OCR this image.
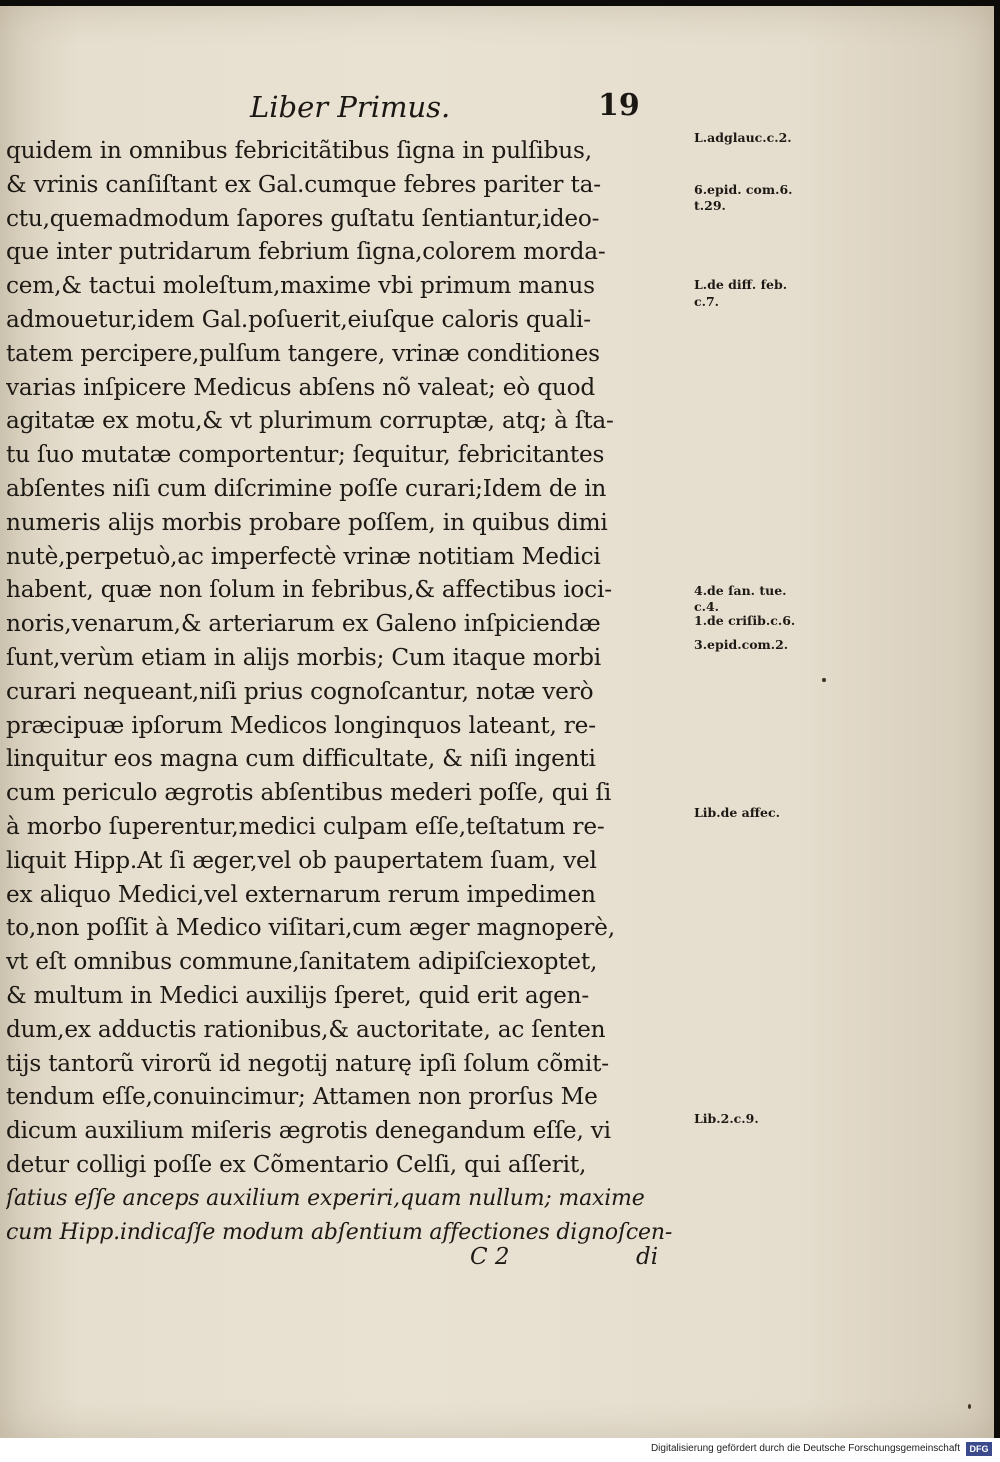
Liber Primus.	19
quidem in omnibus febricitãtibus ſigna in pulſibus,
& vrinis canſiſtant ex Gal.cumque febres pariter ta-
ctu,quemadmodum ſapores guſtatu ſentiantur,ideo-
que inter putridarum febrium ſigna,colorem morda-
cem,& tactui moleſtum,maxime vbi primum manus
admouetur,idem Gal.poſuerit,eiuſque caloris quali-
tatem percipere,pulſum tangere, vrinæ conditiones
varias inſpicere Medicus abſens nõ valeat; eò quod
agitatæ ex motu,& vt plurimum corruptæ, atq; à ſta-
tu ſuo mutatæ comportentur; ſequitur, febricitantes
abſentes niſi cum diſcrimine poſſe curari;Idem de in
numeris alijs morbis probare poſſem, in quibus dimi
nutè,perpetuò,ac imperfectè vrinæ notitiam Medici
habent, quæ non ſolum in febribus,& affectibus ioci-
noris,venarum,& arteriarum ex Galeno inſpiciendæ
ſunt,verùm etiam in alijs morbis; Cum itaque morbi
curari nequeant,niſi prius cognoſcantur, notæ verò
præcipuæ ipſorum Medicos longinquos lateant, re-
linquitur eos magna cum difficultate, & niſi ingenti
cum periculo ægrotis abſentibus mederi poſſe, qui ſi
à morbo ſuperentur,medici culpam eſſe,teſtatum re-
liquit Hipp.At ſi æger,vel ob paupertatem ſuam, vel
ex aliquo Medici,vel externarum rerum impedimen
to,non poſſit à Medico viſitari,cum æger magnoperè,
vt eſt omnibus commune,ſanitatem adipiſciexoptet,
& multum in Medici auxilijs ſperet, quid erit agen-
dum,ex adductis rationibus,& auctoritate, ac ſenten
tijs tantorũ virorũ id negotij naturę ipſi ſolum cõmit-
tendum eſſe,conuincimur; Attamen non prorſus Me
dicum auxilium miſeris ægrotis denegandum eſſe, vi
detur colligi poſſe ex Cõmentario Celſi, qui aſſerit,
ſatius eſſe anceps auxilium experiri,quam nullum; maxime
cum Hipp.indicaſſe modum abſentium affectiones dignoſcen-
C 2	di
L.adglauc.c.2.
6.epid. com.6.
t.29.
L.de diff. feb.
c.7.
4.de ſan. tue.
c.4.
1.de criſib.c.6.
3.epid.com.2.
Lib.de affec.
Lib.2.c.9.
Digitalisierung gefördert durch die Deutsche Forschungsgemeinschaft	DFG
